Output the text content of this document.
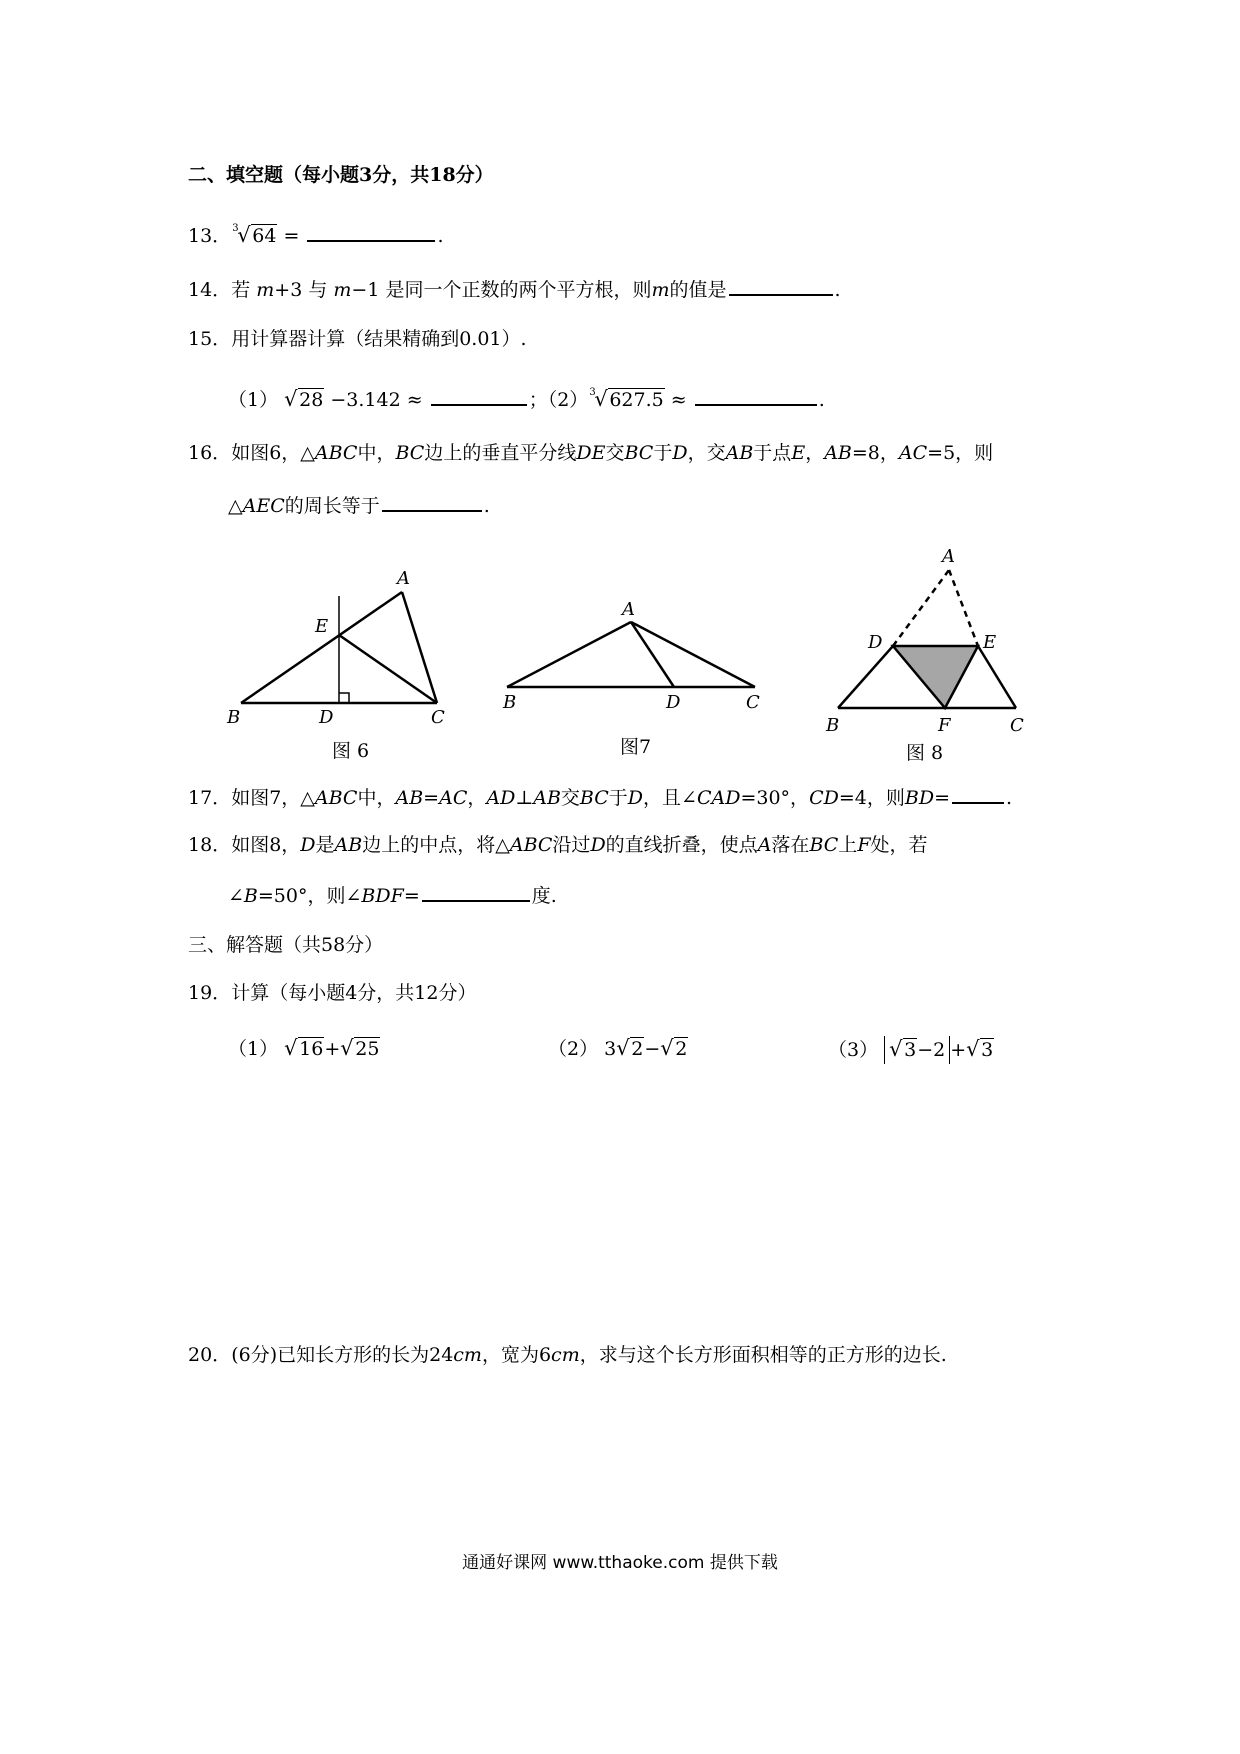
二、填空题（每小题3分，共18分）
13． 3
√ 64 =	.
14．若 m+3 与 m−1 是同一个正数的两个平方根，则m的值是	.
15．用计算器计算（结果精确到0.01）.
（1） √ 28 −3.142 ≈	；（2） 3
√ 627.5 ≈	.
16．如图6，△ABC中，BC边上的垂直平分线DE交BC于D，交AB于点E，AB=8，AC=5，则
△AEC的周长等于	.
A
B	C
D
E
图 6
A
B	C
D
图7
A
B	C
D	E
F
图 8
17．如图7，△ABC中，AB=AC，AD⊥AB交BC于D，且∠CAD=30°，CD=4，则BD=	.
18．如图8，D是AB边上的中点，将△ABC沿过D的直线折叠，使点A落在BC上F处，若
∠B=50°，则∠BDF=	度.
三、解答题（共58分）
19．计算（每小题4分，共12分）
（1） √ 16+ √ 25	（2） 3 √ 2− √ 2	（3） √ 3−2 + √ 3
20．(6分)已知长方形的长为24cm，宽为6cm，求与这个长方形面积相等的正方形的边长.
通通好课网 www.tthaoke.com 提供下载
